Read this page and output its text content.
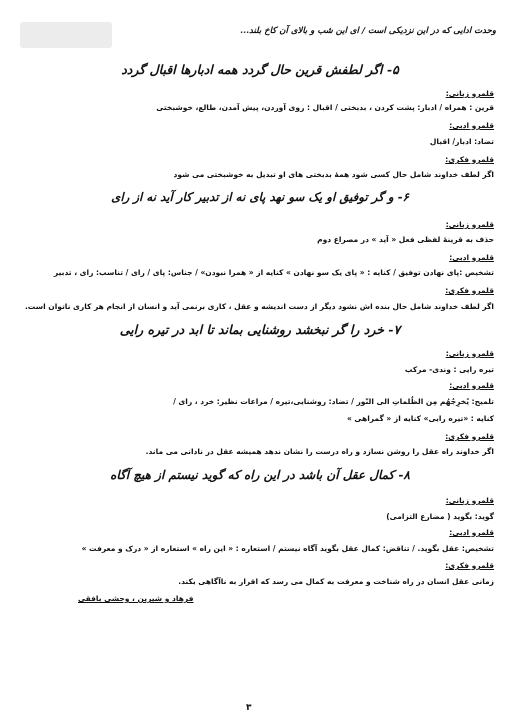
وحدت ادایی که در این نزدیکی است / ای این شب و بالای آن کاخ بلند...
۵- اگر لطفش قرین حال گردد همه ادبارها اقبال گردد
قلمرو زبانی:
قرین : همراه / ادبار: پشت کردن ، بدبختی / اقبال : روی آوردن، پیش آمدن، طالع، خوشبختی
قلمرو ادبی:
تضاد: ادبار/ اقبال
قلمرو فکری:
اگر لطف خداوند شامل حال کسی شود همهٔ بدبختی های او تبدیل به خوشبختی می شود
۶- و گر توفیق او یک سو نهد پای نه از تدبیر کار آید نه از رای
قلمرو زبانی:
حذف به قرینهٔ لفظی فعل « آید » در مصراع دوم
قلمرو ادبی:
تشخیص :پای نهادن توفیق / کنایه : « پای یک سو نهادن » کنایه از « همرا نبودن» / جناس: پای / رای / تناسب: رای ، تدبیر
قلمرو فکری:
اگر لطف خداوند شامل حال بنده اش نشود دیگر از دست اندیشه و عقل ، کاری برنمی آید و انسان از انجام هر کاری ناتوان است.
۷- خرد را گر نبخشد روشنایی بماند تا ابد در تیره رایی
قلمرو زبانی:
تیره رایی : وندی- مرکب
قلمرو ادبی:
تلمیح: یُخرِجُهُم مِن الظُلماتِ الی النّور / تضاد: روشنایی،تیره / مراعات نظیر: خرد ، رای /
کنایه : «تیره رایی» کنایه از « گمراهی »
قلمرو فکری:
اگر خداوند راه عقل را روشن نسازد و راه درست را نشان ندهد همیشه عقل در نادانی می ماند.
۸- کمال عقل آن باشد در این راه که گوید نیستم از هیچ آگاه
قلمرو زبانی:
گوید: بگوید ( مضارع التزامی)
قلمرو ادبی:
تشخیص: عقل بگوید. / تناقض: کمال عقل بگوید آگاه نیستم / استعاره : « این راه » استعاره از « درک و معرفت »
قلمرو فکری:
زمانی عقل انسان در راه شناخت و معرفت به کمال می رسد که اقرار به ناآگاهی بکند.
فرهاد و شیرین ، وحشی بافقی
۳
